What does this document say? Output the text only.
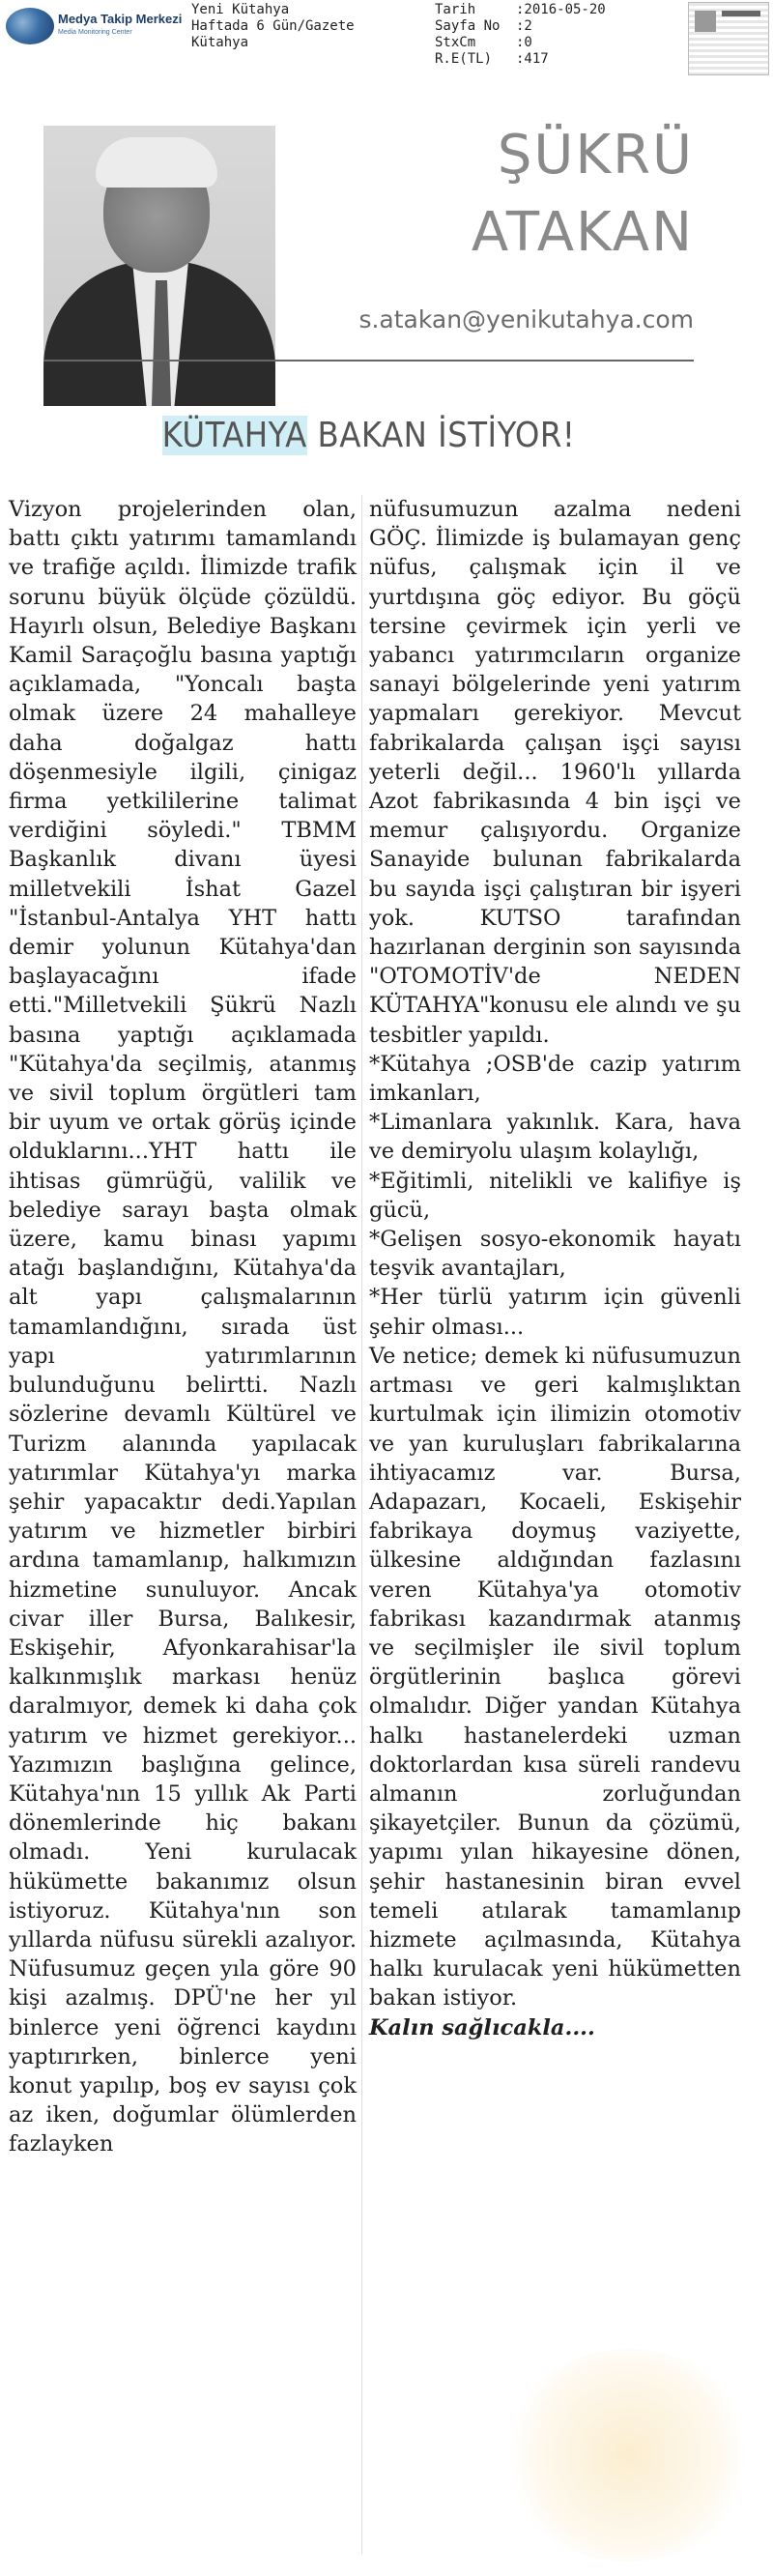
Medya Takip Merkezi
Media Monitoring Center
Yeni Kütahya
Haftada 6 Gün/Gazete
Kütahya
Tarih	:2016-05-20
Sayfa No	:2
StxCm	:0
R.E(TL)	:417
ŞÜKRÜ
ATAKAN
s.atakan@yenikutahya.com
KÜTAHYA BAKAN İSTİYOR!

Vizyon projelerinden olan, battı çıktı yatırımı tamamlandı ve trafiğe açıldı. İlimizde trafik sorunu büyük ölçüde çözüldü. Hayırlı olsun, Belediye Başkanı Kamil Saraçoğlu basına yaptığı açıklamada, "Yoncalı başta olmak üzere 24 mahalleye daha doğalgaz hattı döşenmesiyle ilgili, çinigaz firma yetkililerine talimat verdiğini söyledi." TBMM Başkanlık divanı üyesi milletvekili İshat Gazel "İstanbul-Antalya YHT hattı demir yolunun Kütahya'dan başlayacağını ifade etti."Milletvekili Şükrü Nazlı basına yaptığı açıklamada "Kütahya'da seçilmiş, atanmış ve sivil toplum örgütleri tam bir uyum ve ortak görüş içinde olduklarını...YHT hattı ile ihtisas gümrüğü, valilik ve belediye sarayı başta olmak üzere, kamu binası yapımı atağı başlandığını, Kütahya'da alt yapı çalışmalarının tamamlandığını, sırada üst yapı yatırımlarının bulunduğunu belirtti. Nazlı sözlerine devamlı Kültürel ve Turizm alanında yapılacak yatırımlar Kütahya'yı marka şehir yapacaktır dedi.Yapılan yatırım ve hizmetler birbiri ardına tamamlanıp, halkımızın hizmetine sunuluyor. Ancak civar iller Bursa, Balıkesir, Eskişehir, Afyonkarahisar'la kalkınmışlık markası henüz daralmıyor, demek ki daha çok yatırım ve hizmet gerekiyor... Yazımızın başlığına gelince, Kütahya'nın 15 yıllık Ak Parti dönemlerinde hiç bakanı olmadı. Yeni kurulacak hükümette bakanımız olsun istiyoruz. Kütahya'nın son yıllarda nüfusu sürekli azalıyor. Nüfusumuz geçen yıla göre 90 kişi azalmış. DPÜ'ne her yıl binlerce yeni öğrenci kaydını yaptırırken, binlerce yeni konut yapılıp, boş ev sayısı çok az iken, doğumlar ölümlerden fazlayken

nüfusumuzun azalma nedeni GÖÇ. İlimizde iş bulamayan genç nüfus, çalışmak için il ve yurtdışına göç ediyor. Bu göçü tersine çevirmek için yerli ve yabancı yatırımcıların organize sanayi bölgelerinde yeni yatırım yapmaları gerekiyor. Mevcut fabrikalarda çalışan işçi sayısı yeterli değil... 1960'lı yıllarda Azot fabrikasında 4 bin işçi ve memur çalışıyordu. Organize Sanayide bulunan fabrikalarda bu sayıda işçi çalıştıran bir işyeri yok. KUTSO tarafından hazırlanan derginin son sayısında "OTOMOTİV'de NEDEN KÜTAHYA"konusu ele alındı ve şu tesbitler yapıldı.

*Kütahya ;OSB'de cazip yatırım imkanları,

*Limanlara yakınlık. Kara, hava ve demiryolu ulaşım kolaylığı,

*Eğitimli, nitelikli ve kalifiye iş gücü,

*Gelişen sosyo-ekonomik hayatı teşvik avantajları,

*Her türlü yatırım için güvenli şehir olması...

Ve netice; demek ki nüfusumuzun artması ve geri kalmışlıktan kurtulmak için ilimizin otomotiv ve yan kuruluşları fabrikalarına ihtiyacamız var. Bursa, Adapazarı, Kocaeli, Eskişehir fabrikaya doymuş vaziyette, ülkesine aldığından fazlasını veren Kütahya'ya otomotiv fabrikası kazandırmak atanmış ve seçilmişler ile sivil toplum örgütlerinin başlıca görevi olmalıdır. Diğer yandan Kütahya halkı hastanelerdeki uzman doktorlardan kısa süreli randevu almanın zorluğundan şikayetçiler. Bunun da çözümü, yapımı yılan hikayesine dönen, şehir hastanesinin biran evvel temeli atılarak tamamlanıp hizmete açılmasında, Kütahya halkı kurulacak yeni hükümetten bakan istiyor.

Kalın sağlıcakla....
